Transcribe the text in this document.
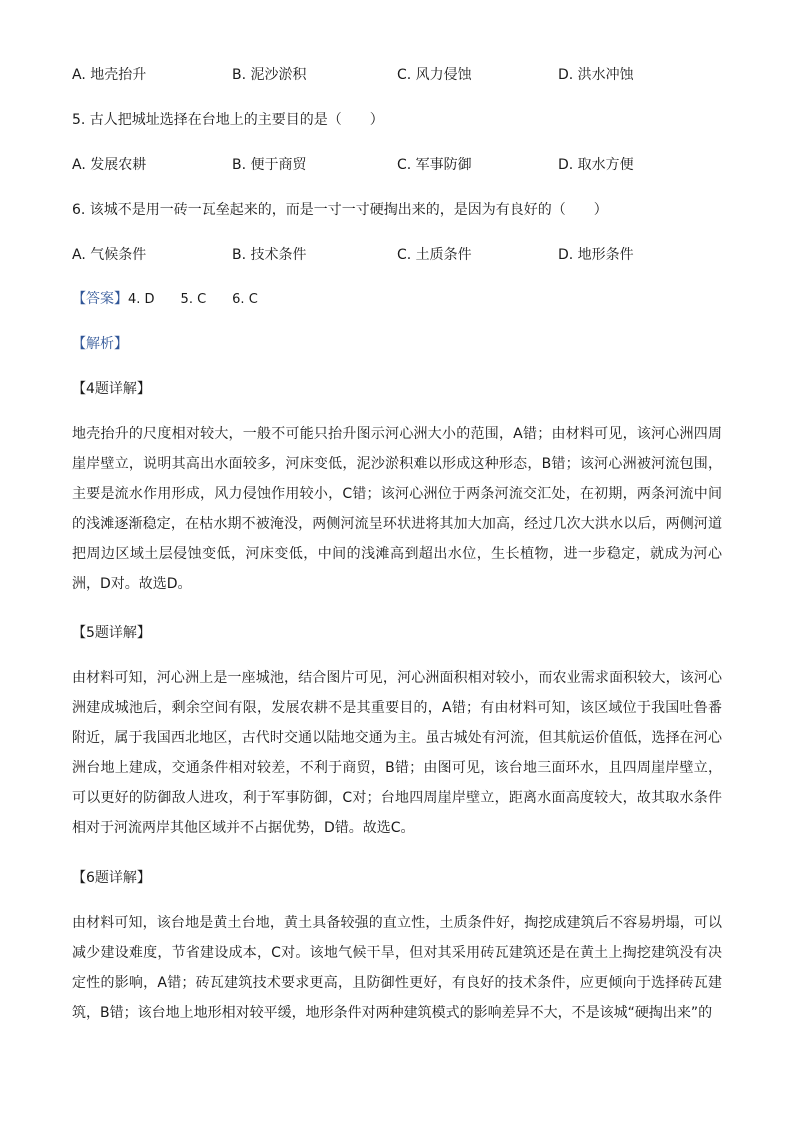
A. 地壳抬升	B. 泥沙淤积	C. 风力侵蚀	D. 洪水冲蚀
5. 古人把城址选择在台地上的主要目的是（　　）
A. 发展农耕	B. 便于商贸	C. 军事防御	D. 取水方便
6. 该城不是用一砖一瓦垒起来的，而是一寸一寸硬掏出来的，是因为有良好的（　　）
A. 气候条件	B. 技术条件	C. 土质条件	D. 地形条件
【答案】4. D　　5. C　　6. C
【解析】
【4题详解】
地壳抬升的尺度相对较大，一般不可能只抬升图示河心洲大小的范围，A错；由材料可见，该河心洲四周崖岸壁立，说明其高出水面较多，河床变低，泥沙淤积难以形成这种形态，B错；该河心洲被河流包围，主要是流水作用形成，风力侵蚀作用较小，C错；该河心洲位于两条河流交汇处，在初期，两条河流中间的浅滩逐渐稳定，在枯水期不被淹没，两侧河流呈环状进将其加大加高，经过几次大洪水以后，两侧河道把周边区域土层侵蚀变低，河床变低，中间的浅滩高到超出水位，生长植物，进一步稳定，就成为河心洲，D对。故选D。
【5题详解】
由材料可知，河心洲上是一座城池，结合图片可见，河心洲面积相对较小，而农业需求面积较大，该河心洲建成城池后，剩余空间有限，发展农耕不是其重要目的，A错；有由材料可知，该区域位于我国吐鲁番附近，属于我国西北地区，古代时交通以陆地交通为主。虽古城处有河流，但其航运价值低，选择在河心洲台地上建成，交通条件相对较差，不利于商贸，B错；由图可见，该台地三面环水，且四周崖岸壁立，可以更好的防御敌人进攻，利于军事防御，C对；台地四周崖岸壁立，距离水面高度较大，故其取水条件相对于河流两岸其他区域并不占据优势，D错。故选C。
【6题详解】
由材料可知，该台地是黄土台地，黄土具备较强的直立性，土质条件好，掏挖成建筑后不容易坍塌，可以减少建设难度，节省建设成本，C对。该地气候干旱，但对其采用砖瓦建筑还是在黄土上掏挖建筑没有决定性的影响，A错；砖瓦建筑技术要求更高，且防御性更好，有良好的技术条件，应更倾向于选择砖瓦建筑，B错；该台地上地形相对较平缓，地形条件对两种建筑模式的影响差异不大，不是该城“硬掏出来”的
